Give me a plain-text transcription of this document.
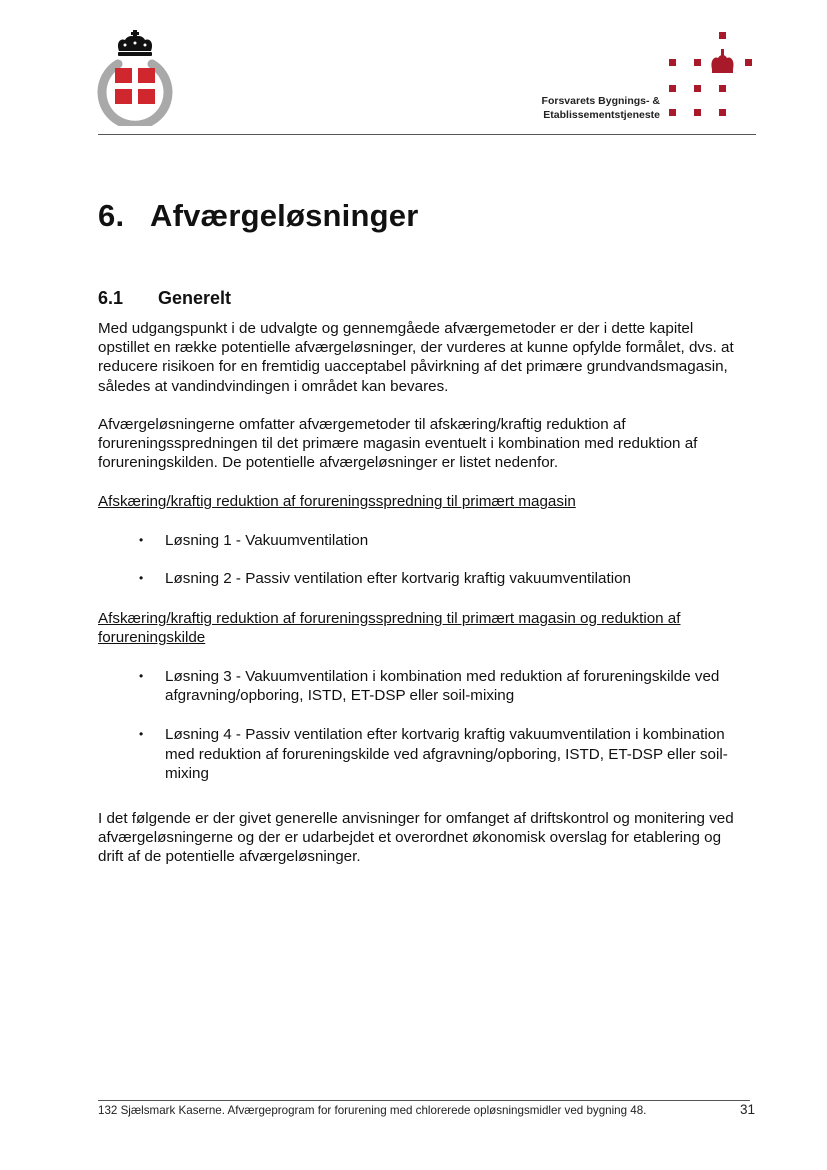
Forsvarets Bygnings- &
Etablissementstjeneste
6. Afværgeløsninger
6.1 Generelt

Med udgangspunkt i de udvalgte og gennemgåede afværgemetoder er der i dette kapitel opstillet en række potentielle afværgeløsninger, der vurderes at kunne opfylde formålet, dvs. at reducere risikoen for en fremtidig uacceptabel påvirkning af det primære grundvandsmagasin, således at vandindvindingen i området kan bevares.

Afværgeløsningerne omfatter afværgemetoder til afskæring/kraftig reduktion af forureningsspredningen til det primære magasin eventuelt i kombination med reduktion af forureningskilden. De potentielle afværgeløsninger er listet nedenfor.

Afskæring/kraftig reduktion af forureningsspredning til primært magasin

• Løsning 1 - Vakuumventilation
• Løsning 2 - Passiv ventilation efter kortvarig kraftig vakuumventilation

Afskæring/kraftig reduktion af forureningsspredning til primært magasin og reduktion af forureningskilde

• Løsning 3 - Vakuumventilation i kombination med reduktion af forureningskilde ved afgravning/opboring, ISTD, ET-DSP eller soil-mixing
• Løsning 4 - Passiv ventilation efter kortvarig kraftig vakuumventilation i kombination med reduktion af forureningskilde ved afgravning/opboring, ISTD, ET-DSP eller soil-mixing

I det følgende er der givet generelle anvisninger for omfanget af driftskontrol og monitering ved afværgeløsningerne og der er udarbejdet et overordnet økonomisk overslag for etablering og drift af de potentielle afværgeløsninger.

132 Sjælsmark Kaserne. Afværgeprogram for forurening med chlorerede opløsningsmidler ved bygning 48.	31
